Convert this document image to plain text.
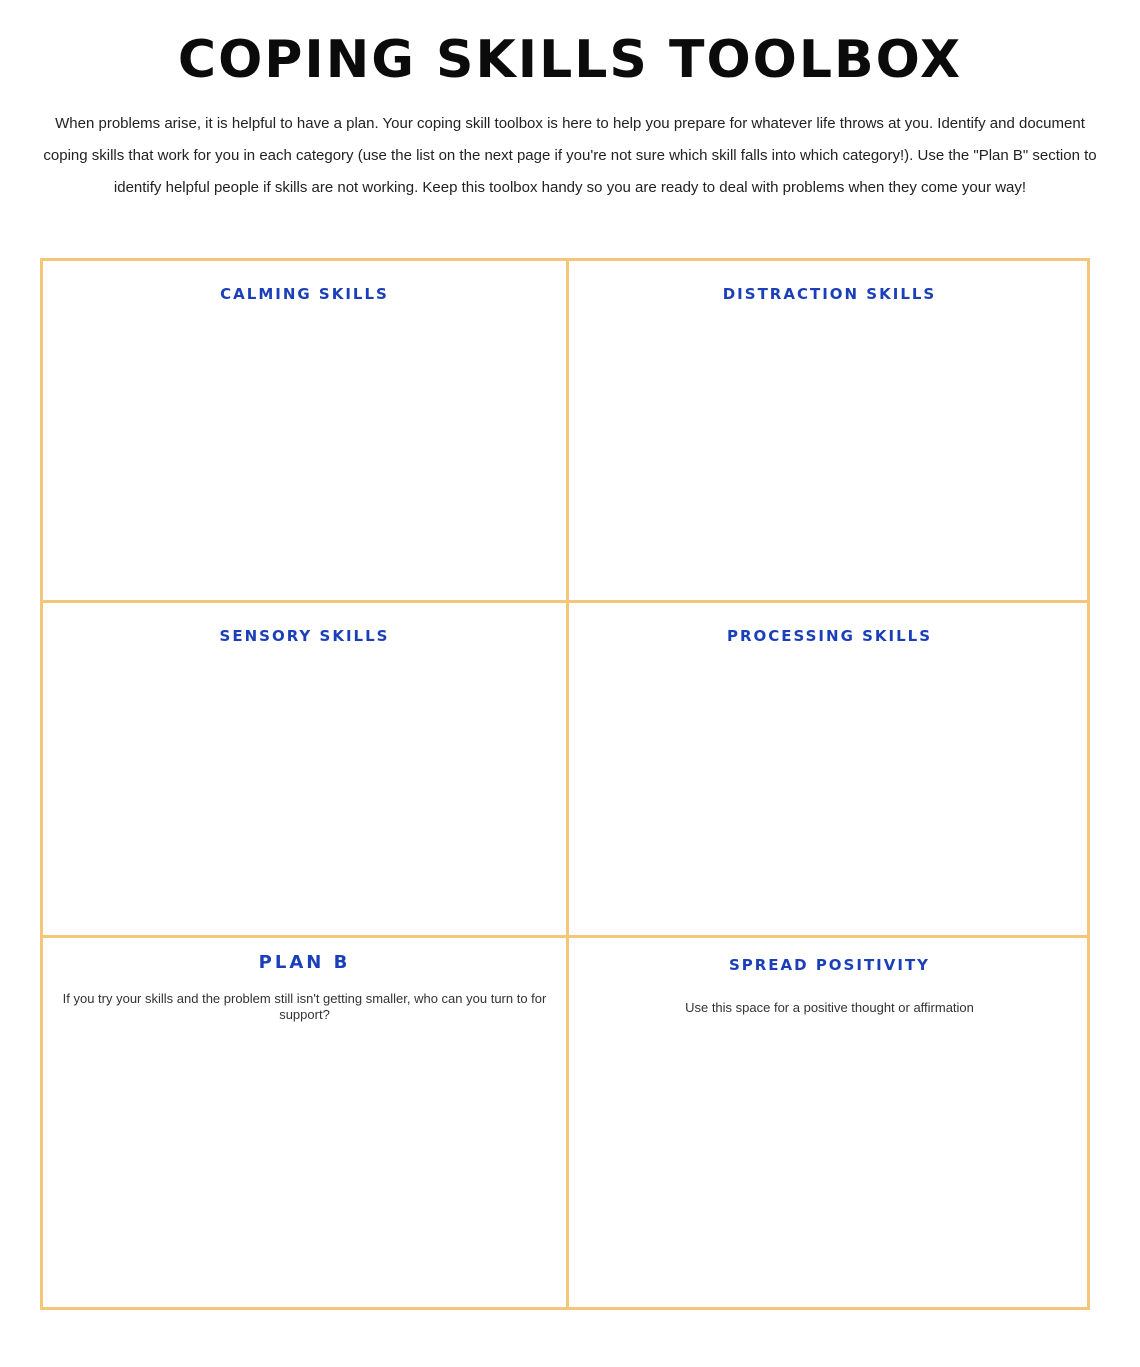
COPING SKILLS TOOLBOX
When problems arise, it is helpful to have a plan. Your coping skill toolbox is here to help you prepare for whatever life throws at you. Identify and document coping skills that work for you in each category (use the list on the next page if you're not sure which skill falls into which category!). Use the "Plan B" section to identify helpful people if skills are not working. Keep this toolbox handy so you are ready to deal with problems when they come your way!
CALMING SKILLS	DISTRACTION SKILLS
SENSORY SKILLS	PROCESSING SKILLS
PLAN B
If you try your skills and the problem still isn't getting smaller, who can you turn to for support?
SPREAD POSITIVITY
Use this space for a positive thought or affirmation
